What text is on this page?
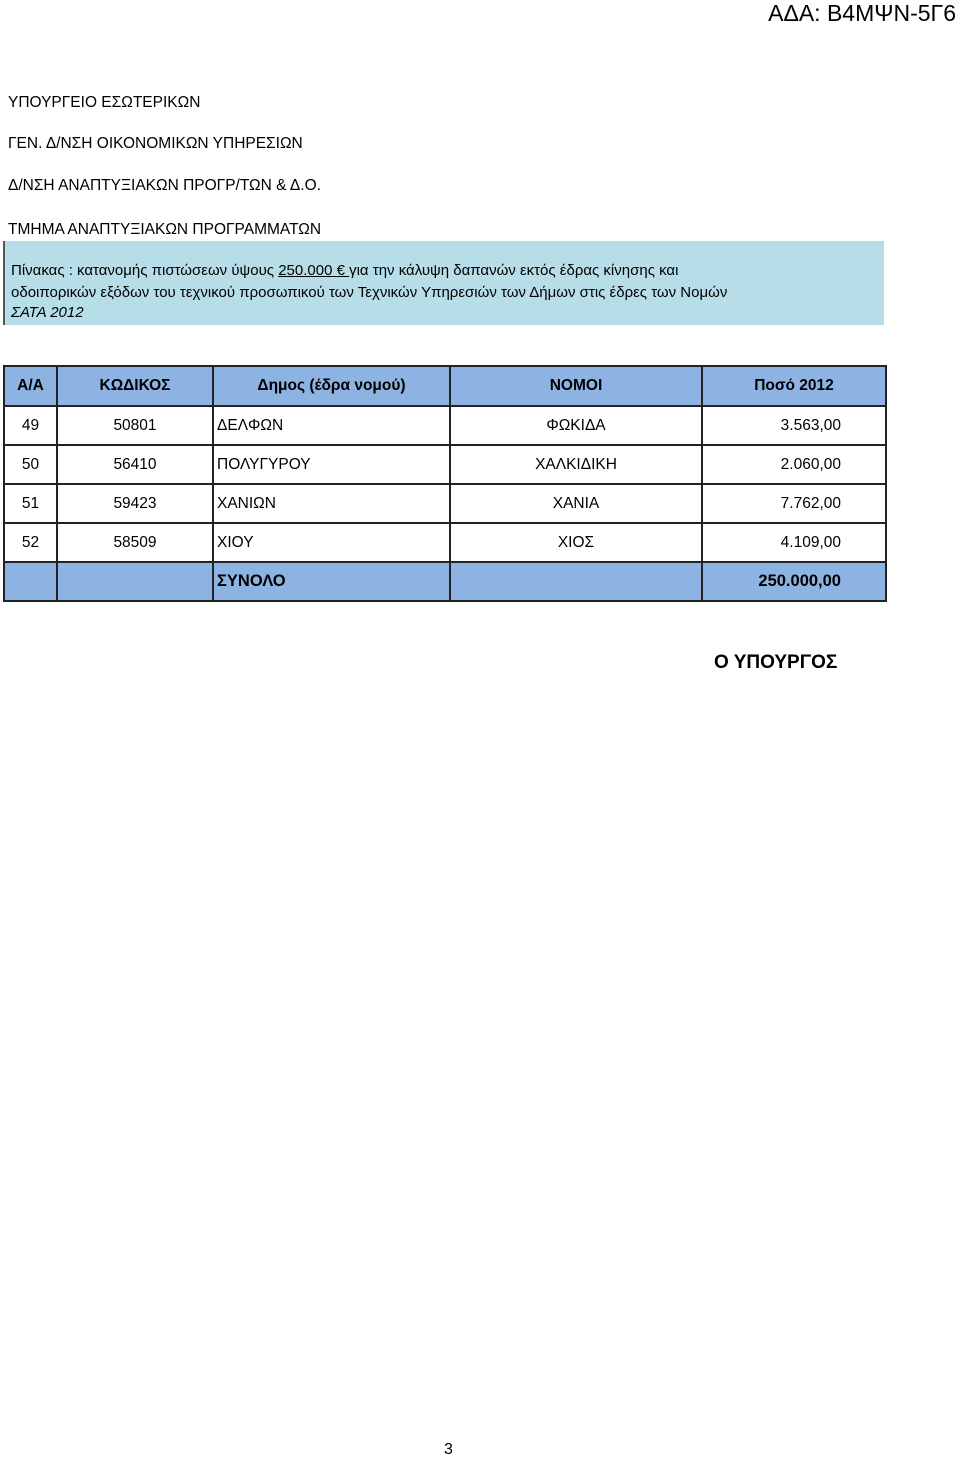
ΑΔΑ: Β4ΜΨΝ-5Γ6
ΥΠΟΥΡΓΕΙΟ ΕΣΩΤΕΡΙΚΩΝ
ΓΕΝ. Δ/ΝΣΗ ΟΙΚΟΝΟΜΙΚΩΝ ΥΠΗΡΕΣΙΩΝ
Δ/ΝΣΗ ΑΝΑΠΤΥΞΙΑΚΩΝ ΠΡΟΓΡ/ΤΩΝ & Δ.Ο.
ΤΜΗΜΑ ΑΝΑΠΤΥΞΙΑΚΩΝ ΠΡΟΓΡΑΜΜΑΤΩΝ
Πίνακας : κατανομής πιστώσεων ύψους 250.000 € για την κάλυψη δαπανών εκτός έδρας κίνησης και
οδοιπορικών εξόδων του τεχνικού προσωπικού των Τεχνικών Υπηρεσιών των Δήμων στις έδρες των Νομών
ΣΑΤΑ 2012
Α/Α	ΚΩΔΙΚΟΣ	Δημος (έδρα νομού)	ΝΟΜΟΙ	Ποσό 2012
49	50801	ΔΕΛΦΩΝ	ΦΩΚΙΔΑ	3.563,00
50	56410	ΠΟΛΥΓΥΡΟΥ	ΧΑΛΚΙΔΙΚΗ	2.060,00
51	59423	ΧΑΝΙΩΝ	ΧΑΝΙΑ	7.762,00
52	58509	ΧΙΟΥ	ΧΙΟΣ	4.109,00
		ΣΥΝΟΛΟ		250.000,00
Ο ΥΠΟΥΡΓΟΣ
3
